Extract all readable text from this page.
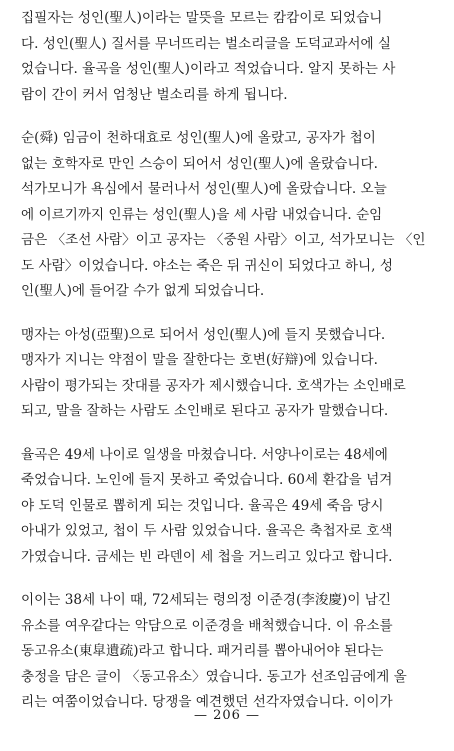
집필자는 성인(聖人)이라는 말뜻을 모르는 캄캄이로 되었습니
다. 성인(聖人) 질서를 무너뜨리는 벌소리글을 도덕교과서에 실
었습니다. 율곡을 성인(聖人)이라고 적었습니다. 알지 못하는 사
람이 간이 커서 엄청난 벌소리를 하게 됩니다.

순(舜) 임금이 천하대효로 성인(聖人)에 올랐고, 공자가 첩이
없는 호학자로 만인 스승이 되어서 성인(聖人)에 올랐습니다.
석가모니가 욕심에서 물러나서 성인(聖人)에 올랐습니다. 오늘
에 이르기까지 인류는 성인(聖人)을 세 사람 내었습니다. 순임
금은 〈조선 사람〉이고 공자는 〈중원 사람〉이고, 석가모니는 〈인
도 사람〉이었습니다. 야소는 죽은 뒤 귀신이 되었다고 하니, 성
인(聖人)에 들어갈 수가 없게 되었습니다.

맹자는 아성(亞聖)으로 되어서 성인(聖人)에 들지 못했습니다.
맹자가 지니는 약점이 말을 잘한다는 호변(好辯)에 있습니다.
사람이 평가되는 잣대를 공자가 제시했습니다. 호색가는 소인배로
되고, 말을 잘하는 사람도 소인배로 된다고 공자가 말했습니다.

율곡은 49세 나이로 일생을 마쳤습니다. 서양나이로는 48세에
죽었습니다. 노인에 들지 못하고 죽었습니다. 60세 환갑을 넘겨
야 도덕 인물로 뽑히게 되는 것입니다. 율곡은 49세 죽음 당시
아내가 있었고, 첩이 두 사람 있었습니다. 율곡은 축첩자로 호색
가였습니다. 금세는 빈 라덴이 세 첩을 거느리고 있다고 합니다.

이이는 38세 나이 때, 72세되는 령의정 이준경(李浚慶)이 남긴
유소를 여우같다는 악담으로 이준경을 배척했습니다. 이 유소를
동고유소(東皐遺疏)라고 합니다. 패거리를 뽑아내어야 된다는
충정을 담은 글이 〈동고유소〉였습니다. 동고가 선조임금에게 올
리는 여쭘이었습니다. 당쟁을 예견했던 선각자였습니다. 이이가

— 206 —
